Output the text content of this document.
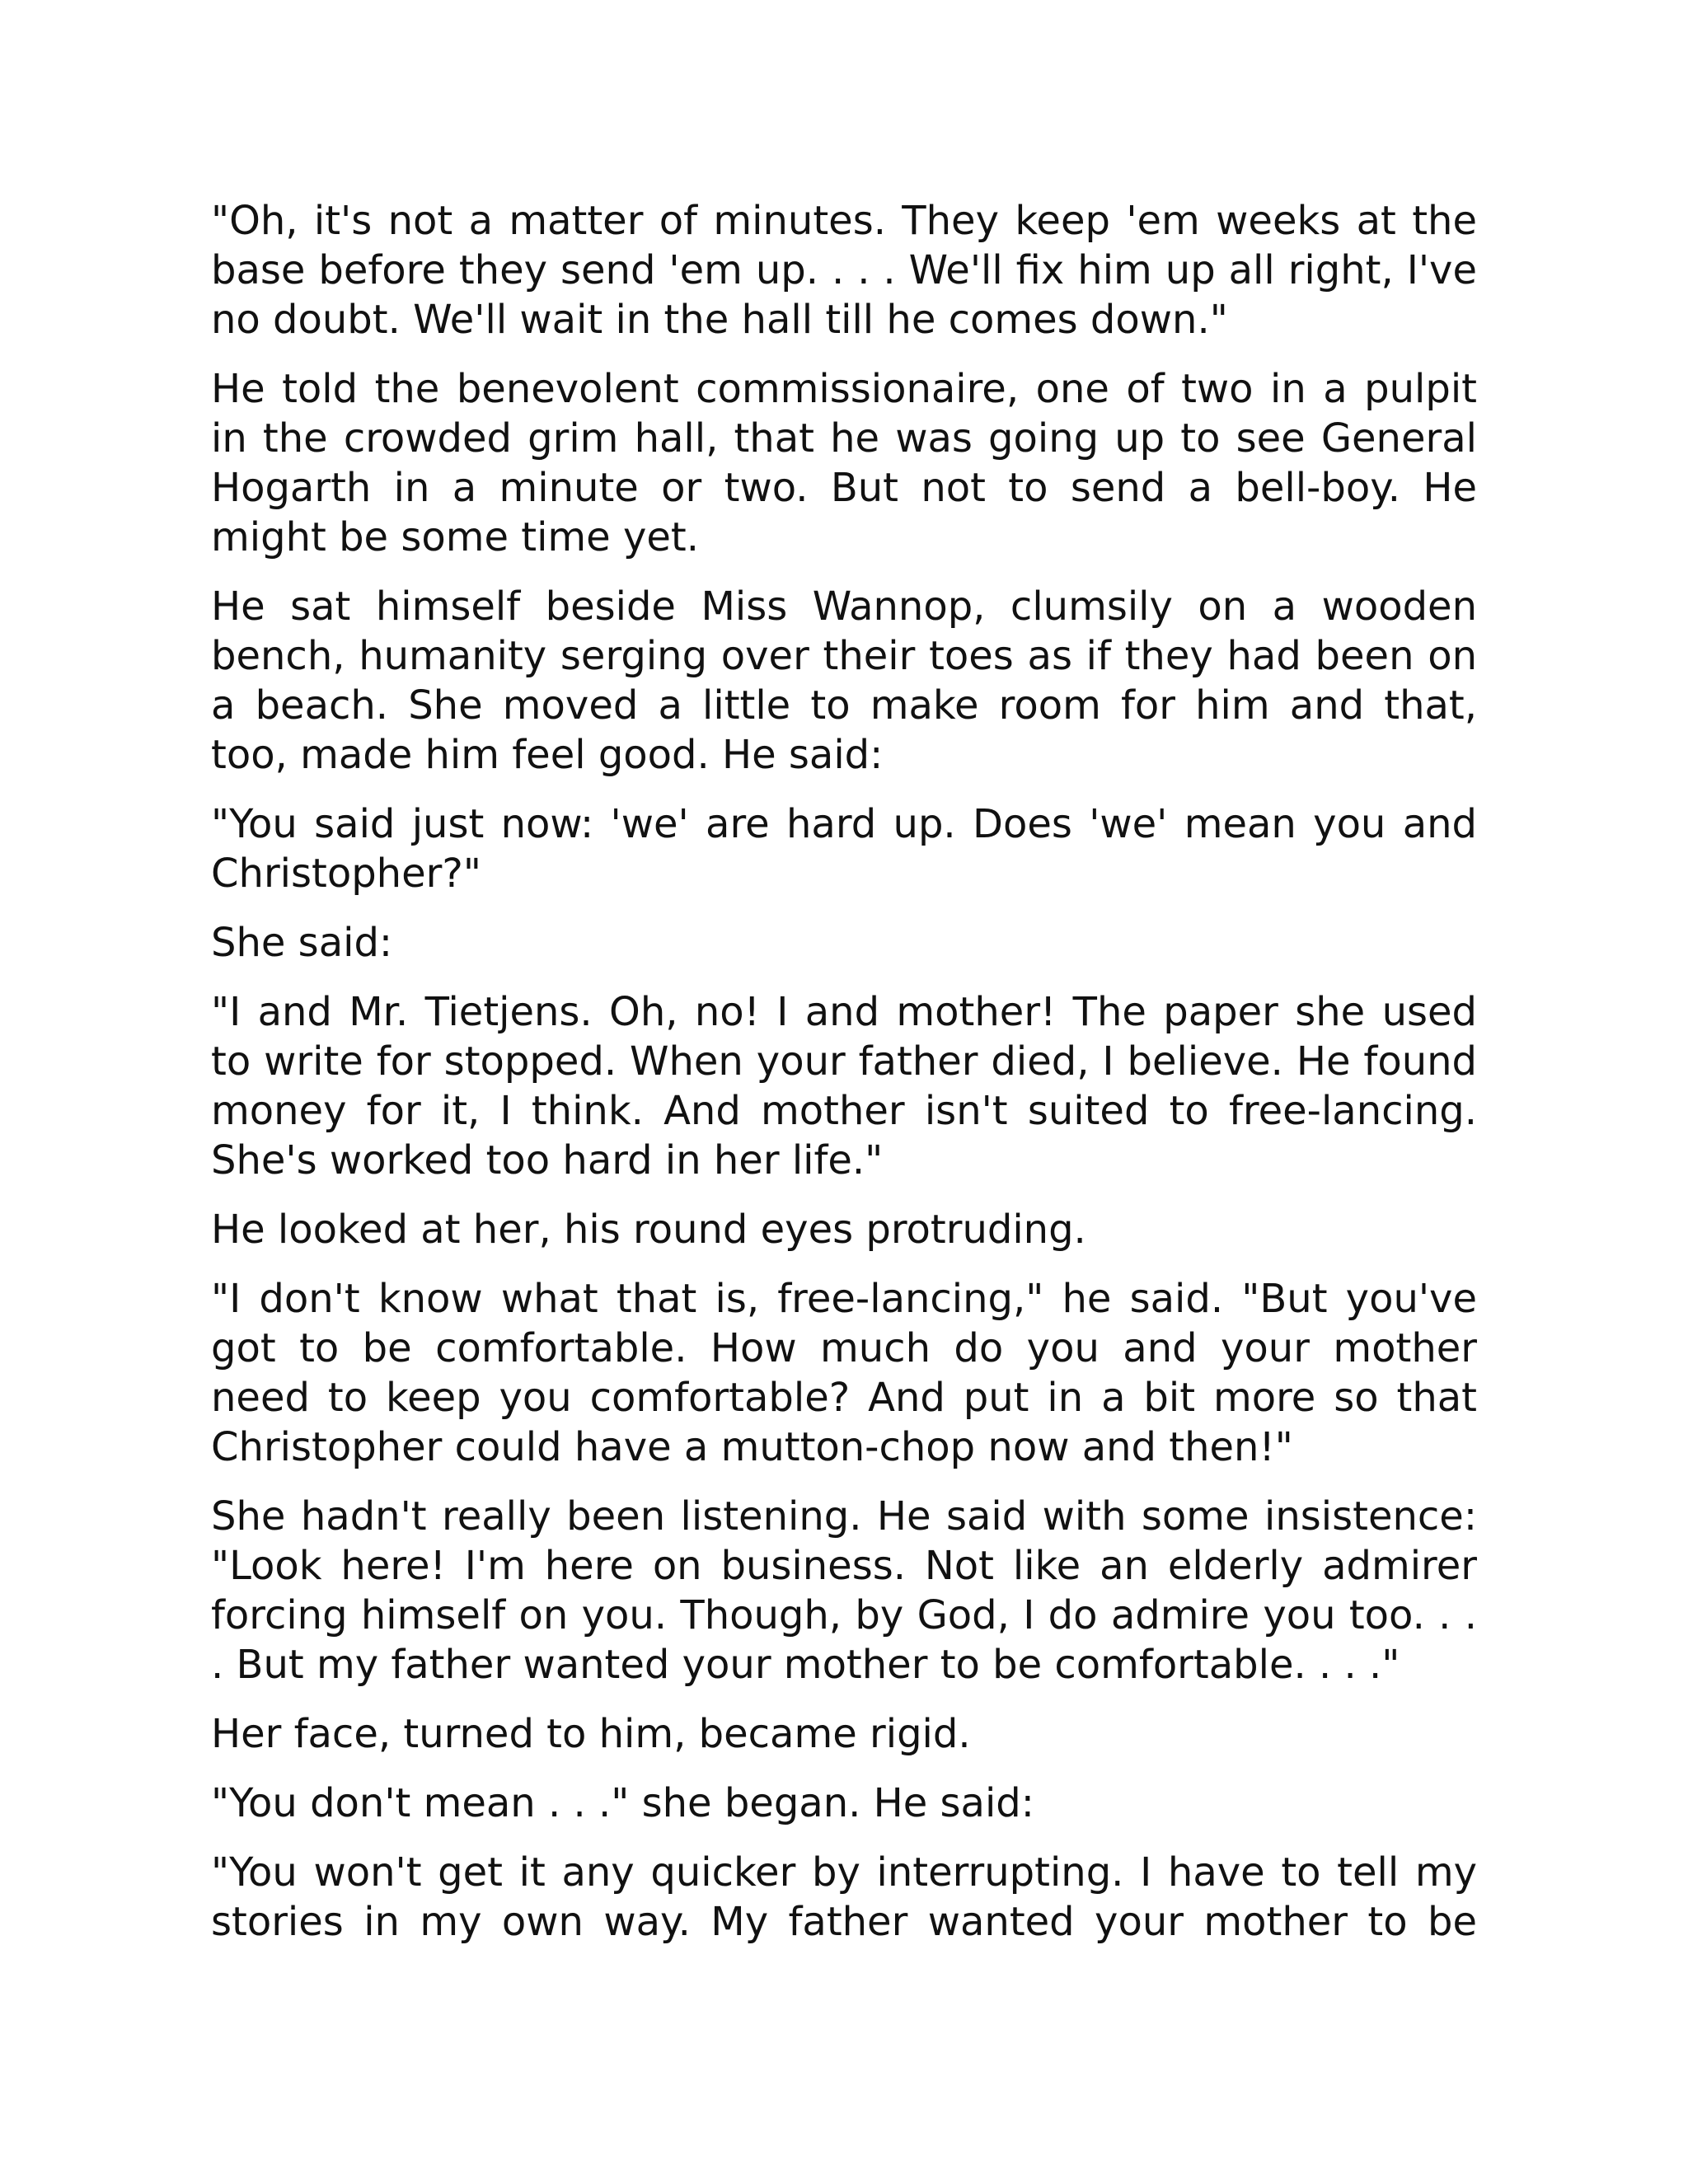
"Oh, it's not a matter of minutes. They keep 'em weeks at the base before they send 'em up. . . . We'll fix him up all right, I've no doubt. We'll wait in the hall till he comes down."

He told the benevolent commissionaire, one of two in a pulpit in the crowded grim hall, that he was going up to see General Hogarth in a minute or two. But not to send a bell-boy. He might be some time yet.

He sat himself beside Miss Wannop, clumsily on a wooden bench, humanity serging over their toes as if they had been on a beach. She moved a little to make room for him and that, too, made him feel good. He said:

"You said just now: 'we' are hard up. Does 'we' mean you and Christopher?"

She said:

"I and Mr. Tietjens. Oh, no! I and mother! The paper she used to write for stopped. When your father died, I believe. He found money for it, I think. And mother isn't suited to free-lancing. She's worked too hard in her life."

He looked at her, his round eyes protruding.

"I don't know what that is, free-lancing," he said. "But you've got to be comfortable. How much do you and your mother need to keep you comfortable? And put in a bit more so that Christopher could have a mutton-chop now and then!"

She hadn't really been listening. He said with some insistence: "Look here! I'm here on business. Not like an elderly admirer forcing himself on you. Though, by God, I do admire you too. . . . But my father wanted your mother to be comfortable. . . ."

Her face, turned to him, became rigid.

"You don't mean . . ." she began. He said:

"You won't get it any quicker by interrupting. I have to tell my stories in my own way. My father wanted your mother to be
